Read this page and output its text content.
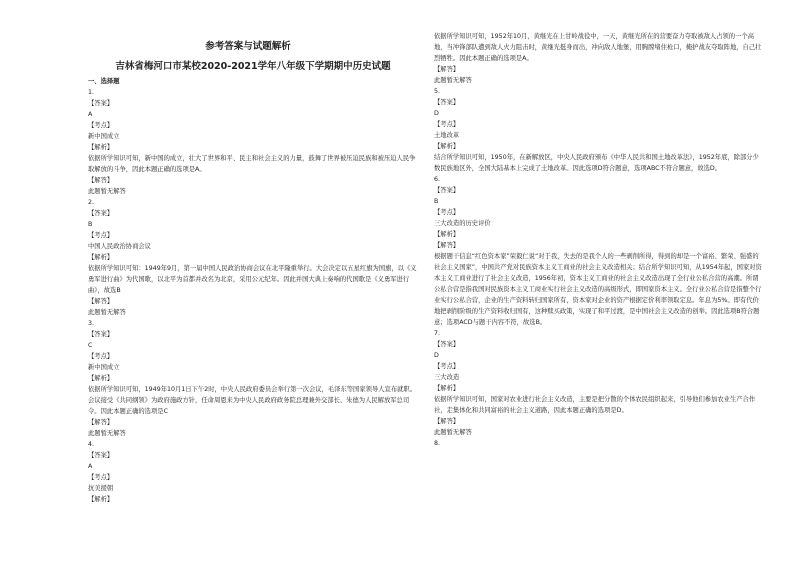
参考答案与试题解析
吉林省梅河口市某校2020-2021学年八年级下学期期中历史试题
一、选择题
1.
【答案】
A
【考点】
新中国成立
【解析】
依据所学知识可知，新中国的成立，壮大了世界和平、民主和社会主义的力量，鼓舞了世界被压迫民族和被压迫人民争取解放的斗争，因此本题正确的选项是A。
【解答】
此题暂无解答
2.
【答案】
B
【考点】
中国人民政治协商会议
【解析】
依据所学知识可知：1949年9月，第一届中国人民政治协商会议在北平隆重举行。大会决定以五星红旗为国旗，以《义勇军进行曲》为代国歌，以北平为首都并改名为北京，采用公元纪年。因此并国大典上奏响的代国歌是《义勇军进行曲》，故选B
【解答】
此题暂无解答
3.
【答案】
C
【考点】
新中国成立
【解析】
依据所学知识可知，1949年10月1日下午2时，中央人民政府委员会举行第一次会议，毛泽东等国家领导人宣布就职。会议接受《共同纲领》为政府施政方针，任命周恩来为中央人民政府政务院总理兼外交部长、朱德为人民解放军总司令。因此本题正确的选项是C
【解答】
此题暂无解答
4.
【答案】
A
【考点】
抗美援朝
【解析】
依据所学知识可知，1952年10月，黄继光在上甘岭战役中，一天，黄继光所在的营要奋力夺取被敌人占领的一个高地，当冲锋部队遭到敌人火力阻击时，黄继光挺身而出，冲向敌人地堡，用胸膛堵住枪口，掩护战友夺取阵地，自己壮烈牺牲。因此本题正确的选项是A。
【解答】
此题暂无解答
5.
【答案】
D
【考点】
土地改革
【解析】
结合所学知识可知，1950年，在新解放区，中央人民政府颁布《中华人民共和国土地改革法》，1952年底，除部分少数民族地区外，全国大陆基本上完成了土地改革。因此选项D符合题意，选项ABC不符合题意，故选D。
6.
【答案】
B
【考点】
三大改造的历史评价
【解析】
【解答】
根据题干信息“红色资本家”荣毅仁说“对于我，失去的是我个人的一些剥削所得，得到的却是一个富裕、繁荣、强盛的社会主义国家”，中国共产党对民族资本主义工商业的社会主义改造相关；结合所学知识可知，从1954年起，国家对资本主义工商业进行了社会主义改造，1956年初，资本主义工商业的社会主义改造出现了全行业公私合营的高潮。所谓公私合营是指我国对民族资本主义工商业实行社会主义改造的高级形式，即国家资本主义。全行业公私合营是指整个行业实行公私合营，企业的生产资料转归国家所有，资本家对企业的资产根据定价利率领取定息。年息为5%。即有代价地把剥削阶级的生产资料收归国有，这种赎买政策，实现了和平过渡，是中国社会主义改造的创举。因此选项B符合题意；选项ACD与题干内容不符，故选B。
7.
【答案】
D
【考点】
三大改造
【解析】
依据所学知识可知，国家对农业进行社会主义改造，主要是把分散的个体农民组织起来，引导他们参加农业生产合作社，走集体化和共同富裕的社会主义道路，因此本题正确的选项是D。
【解答】
此题暂无解答
8.
